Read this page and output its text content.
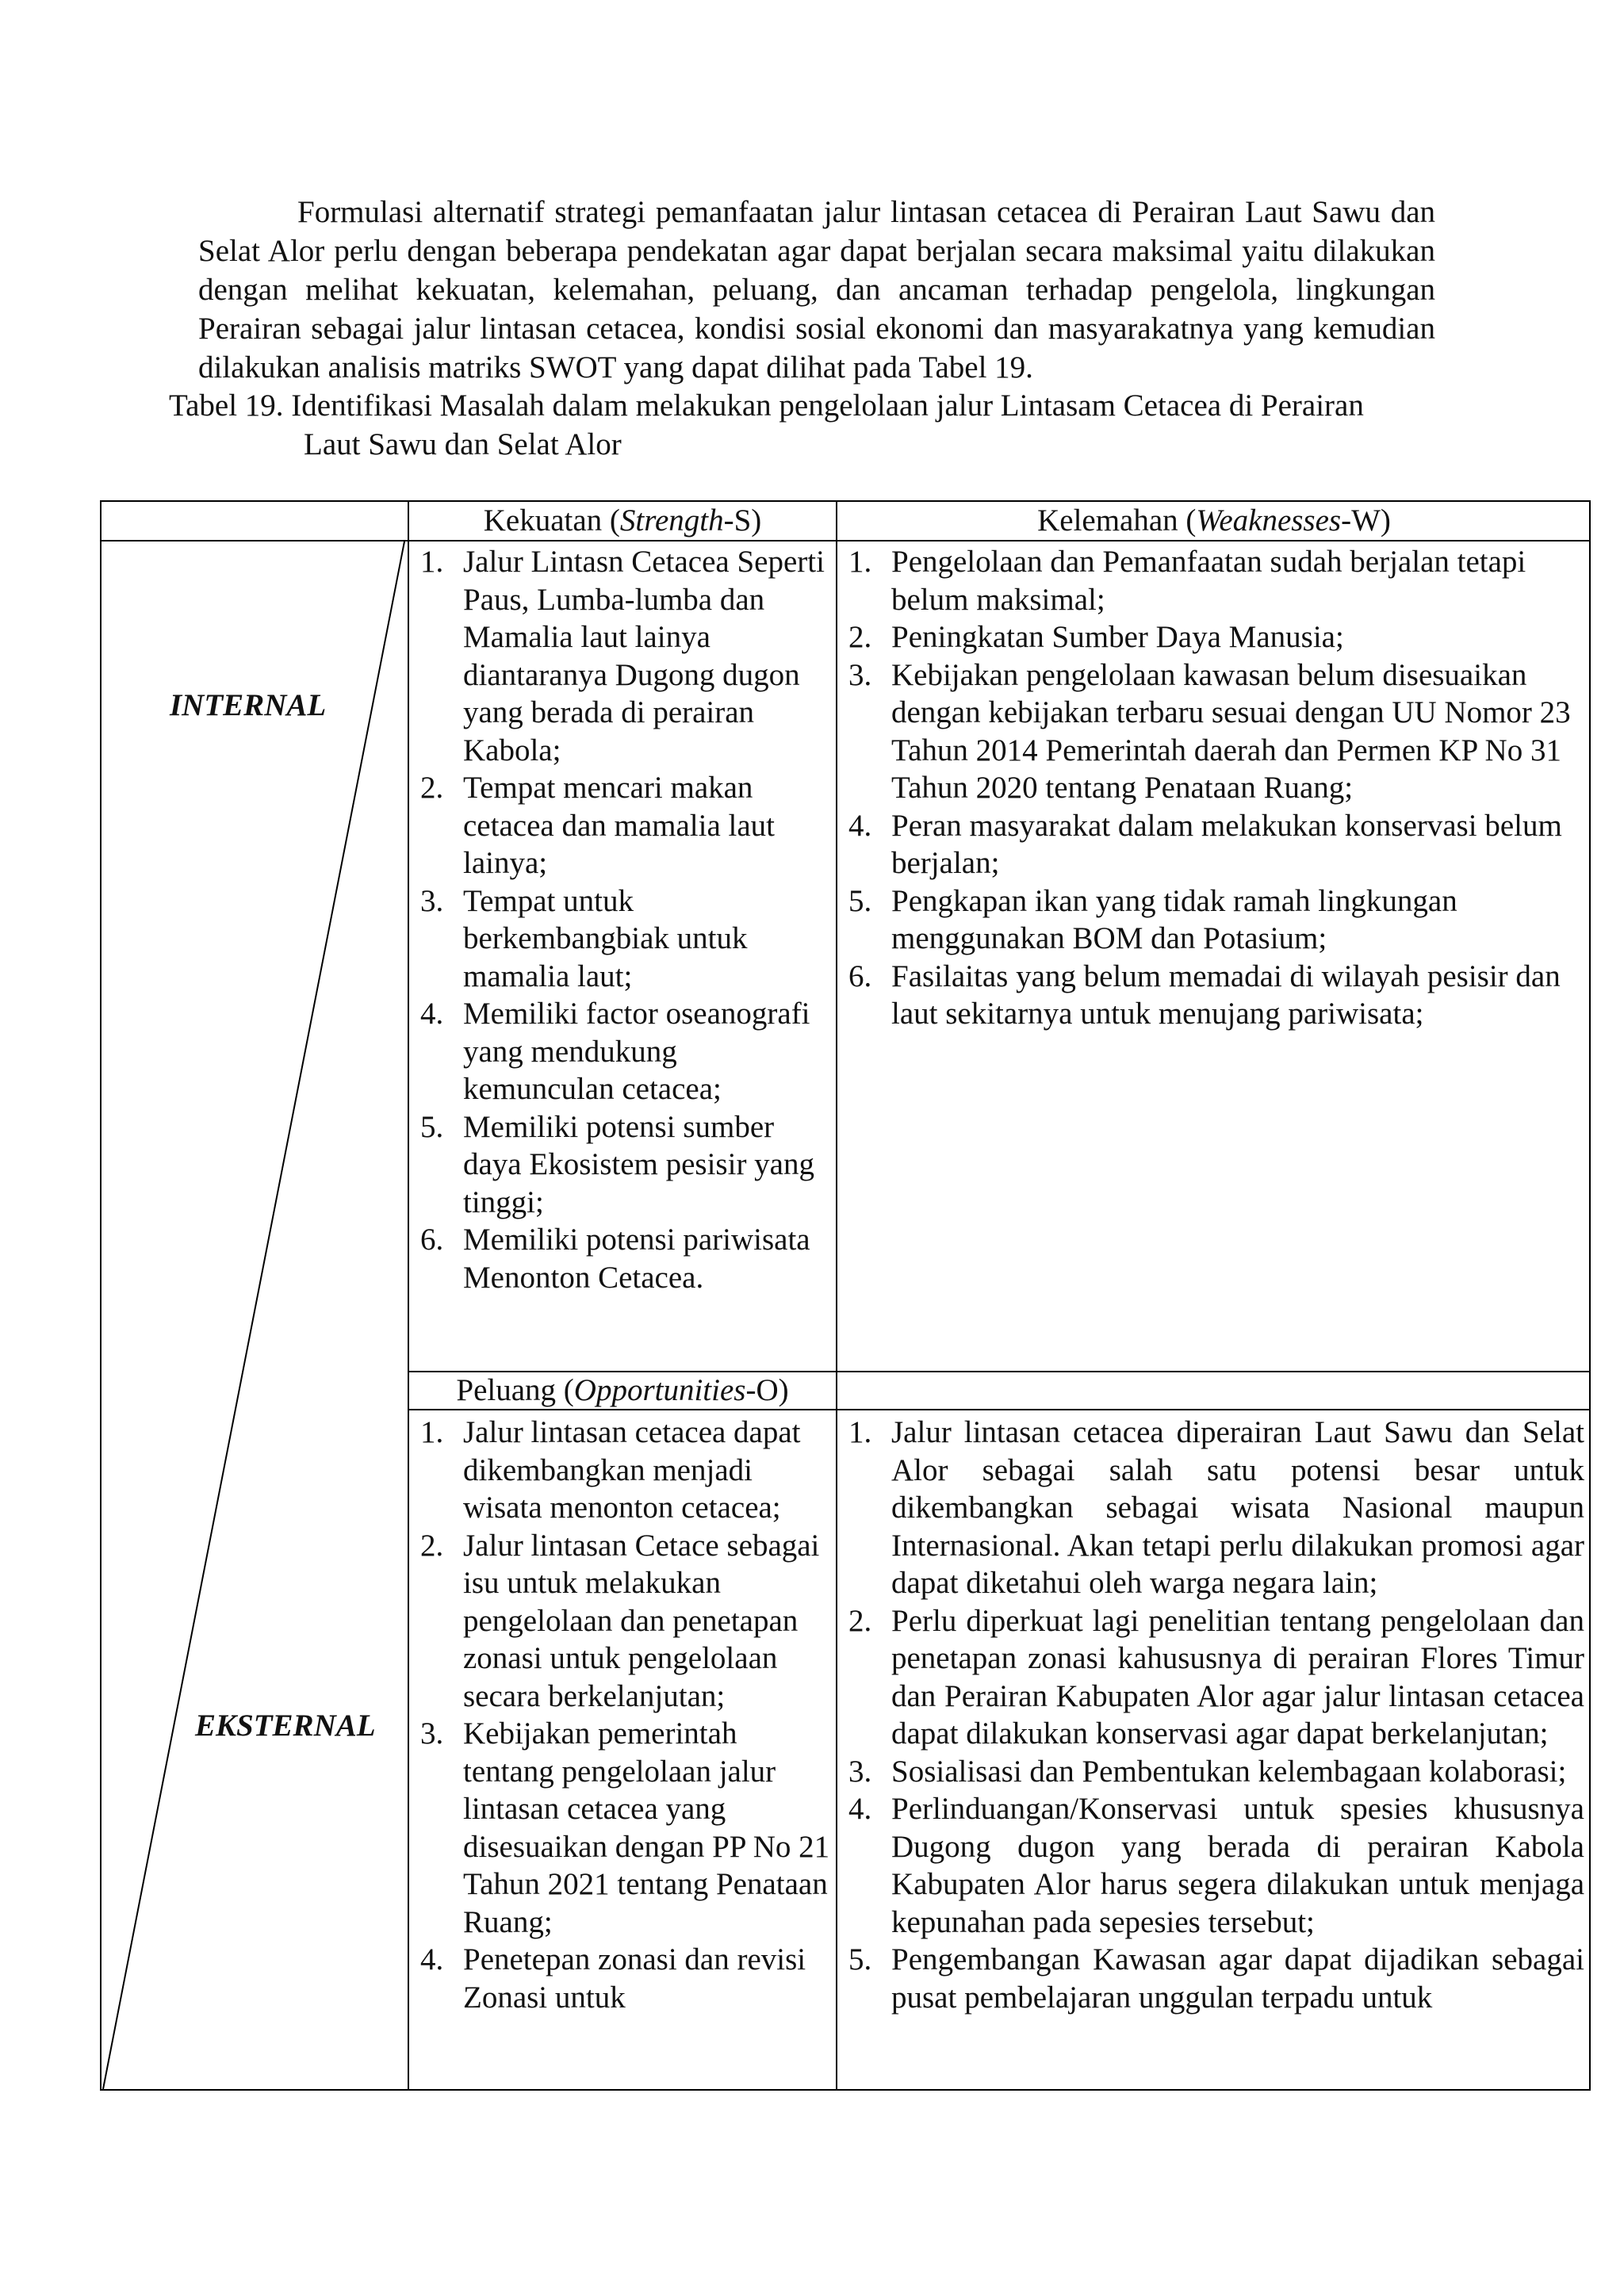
Formulasi alternatif strategi pemanfaatan jalur lintasan cetacea di Perairan Laut Sawu dan Selat Alor perlu dengan beberapa pendekatan agar dapat berjalan secara maksimal yaitu dilakukan dengan melihat kekuatan, kelemahan, peluang, dan ancaman terhadap pengelola, lingkungan Perairan sebagai jalur lintasan cetacea, kondisi sosial ekonomi dan masyarakatnya yang kemudian dilakukan analisis matriks SWOT yang dapat dilihat pada Tabel 19.

Tabel 19. Identifikasi Masalah dalam melakukan pengelolaan jalur Lintasam Cetacea di Perairan
Laut Sawu dan Selat Alor

Kekuatan (Strength-S)	Kelemahan (Weaknesses-W)
Peluang (Opportunities-O)
INTERNAL
EKSTERNAL
1. Jalur Lintasn Cetacea Seperti Paus, Lumba-lumba dan Mamalia laut lainya diantaranya Dugong dugon yang berada di perairan Kabola;
2. Tempat mencari makan cetacea dan mamalia laut lainya;
3. Tempat untuk berkembangbiak untuk mamalia laut;
4. Memiliki factor oseanografi yang mendukung kemunculan cetacea;
5. Memiliki potensi sumber daya Ekosistem pesisir yang tinggi;
6. Memiliki potensi pariwisata Menonton Cetacea.
1. Pengelolaan dan Pemanfaatan sudah berjalan tetapi belum maksimal;
2. Peningkatan Sumber Daya Manusia;
3. Kebijakan pengelolaan kawasan belum disesuaikan dengan kebijakan terbaru sesuai dengan UU Nomor 23 Tahun 2014 Pemerintah daerah dan Permen KP No 31 Tahun 2020 tentang Penataan Ruang;
4. Peran masyarakat dalam melakukan konservasi belum berjalan;
5. Pengkapan ikan yang tidak ramah lingkungan menggunakan BOM dan Potasium;
6. Fasilaitas yang belum memadai di wilayah pesisir dan laut sekitarnya untuk menujang pariwisata;
1. Jalur lintasan cetacea dapat dikembangkan menjadi wisata menonton cetacea;
2. Jalur lintasan Cetace sebagai isu untuk melakukan pengelolaan dan penetapan zonasi untuk pengelolaan secara berkelanjutan;
3. Kebijakan pemerintah tentang pengelolaan jalur lintasan cetacea yang disesuaikan dengan PP No 21 Tahun 2021 tentang Penataan Ruang;
4. Penetepan zonasi dan revisi Zonasi untuk
1. Jalur lintasan cetacea diperairan Laut Sawu dan Selat Alor sebagai salah satu potensi besar untuk dikembangkan sebagai wisata Nasional maupun Internasional. Akan tetapi perlu dilakukan promosi agar dapat diketahui oleh warga negara lain;
2. Perlu diperkuat lagi penelitian tentang pengelolaan dan penetapan zonasi kahususnya di perairan Flores Timur dan Perairan Kabupaten Alor agar jalur lintasan cetacea dapat dilakukan konservasi agar dapat berkelanjutan;
3. Sosialisasi dan Pembentukan kelembagaan kolaborasi;
4. Perlinduangan/Konservasi untuk spesies khususnya Dugong dugon yang berada di perairan Kabola Kabupaten Alor harus segera dilakukan untuk menjaga kepunahan pada sepesies tersebut;
5. Pengembangan Kawasan agar dapat dijadikan sebagai pusat pembelajaran unggulan terpadu untuk
